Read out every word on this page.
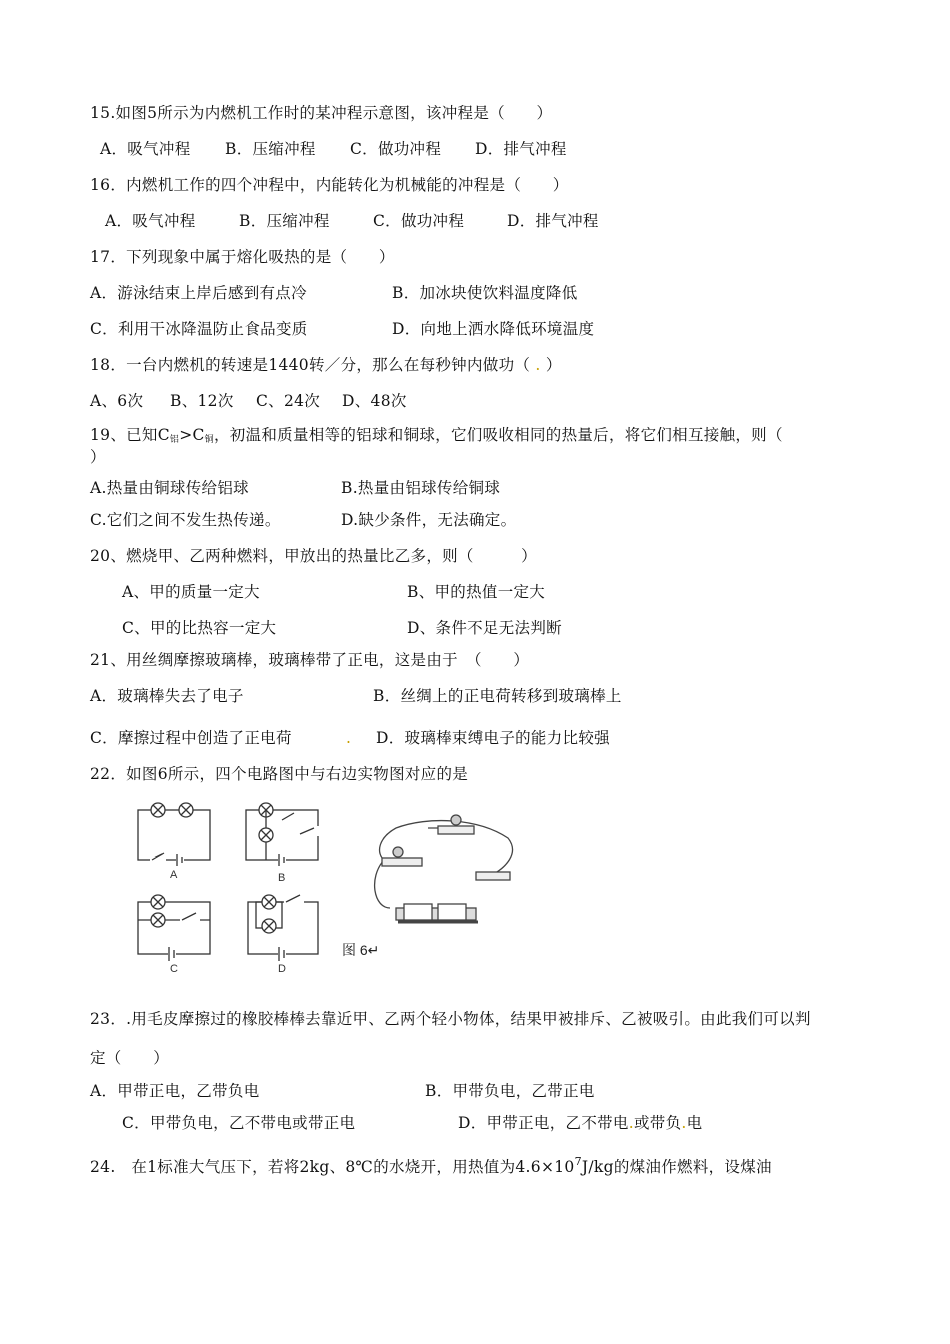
15.如图5所示为内燃机工作时的某冲程示意图，该冲程是（　　）
A．吸气冲程 B．压缩冲程 C．做功冲程 D．排气冲程
16．内燃机工作的四个冲程中，内能转化为机械能的冲程是（　　）
A．吸气冲程	B．压缩冲程	C．做功冲程	D．排气冲程
17．下列现象中属于熔化吸热的是（　　）
A．游泳结束上岸后感到有点冷	B．加冰块使饮料温度降低
C．利用干冰降温防止食品变质	D．向地上洒水降低环境温度
18．一台内燃机的转速是1440转／分，那么在每秒钟内做功（ . ）
A、6次 B、12次 C、24次 D、48次
19、已知$C_铝>C_铜$，初温和质量相等的铝球和铜球，它们吸收相同的热量后，将它们相互接触，则（
）
A.热量由铜球传给铝球	B.热量由铝球传给铜球
C.它们之间不发生热传递。	D.缺少条件，无法确定。
20、燃烧甲、乙两种燃料，甲放出的热量比乙多，则（　　　）
A、甲的质量一定大	B、甲的热值一定大
C、甲的比热容一定大	D、条件不足无法判断
21、用丝绸摩擦玻璃棒，玻璃棒带了正电，这是由于　（　　）
A．玻璃棒失去了电子	B．丝绸上的正电荷转移到玻璃棒上
C．摩擦过程中创造了正电荷	. D．玻璃棒束缚电子的能力比较强
22．如图6所示，四个电路图中与右边实物图对应的是
A	B
C	D
图 6↵
23．.用毛皮摩擦过的橡胶棒棒去靠近甲、乙两个轻小物体，结果甲被排斥、乙被吸引。由此我们可以判
定（　　）
A．甲带正电，乙带负电	B．甲带负电，乙带正电
C．甲带负电，乙不带电或带正电	D．甲带正电，乙不带电.或带负.电
24.　在1标准大气压下，若将2kg、8℃的水烧开，用热值为$4.6\times 10^7J/kg$的煤油作燃料，设煤油
